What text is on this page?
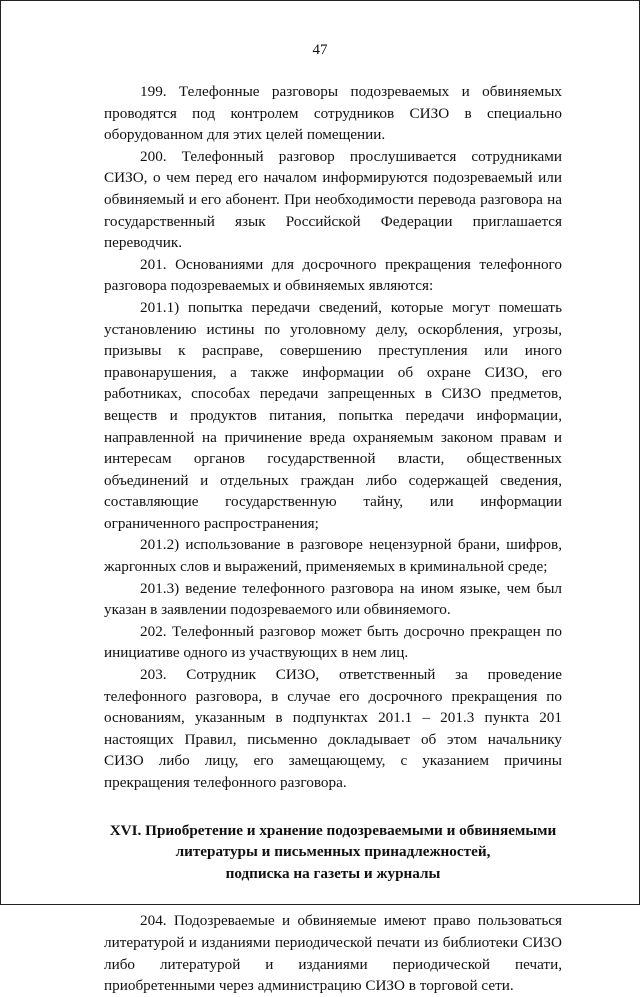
47

199. Телефонные разговоры подозреваемых и обвиняемых проводятся под контролем сотрудников СИЗО в специально оборудованном для этих целей помещении.

200. Телефонный разговор прослушивается сотрудниками СИЗО, о чем перед его началом информируются подозреваемый или обвиняемый и его абонент. При необходимости перевода разговора на государственный язык Российской Федерации приглашается переводчик.

201. Основаниями для досрочного прекращения телефонного разговора подозреваемых и обвиняемых являются:

201.1) попытка передачи сведений, которые могут помешать установлению истины по уголовному делу, оскорбления, угрозы, призывы к расправе, совершению преступления или иного правонарушения, а также информации об охране СИЗО, его работниках, способах передачи запрещенных в СИЗО предметов, веществ и продуктов питания, попытка передачи информации, направленной на причинение вреда охраняемым законом правам и интересам органов государственной власти, общественных объединений и отдельных граждан либо содержащей сведения, составляющие государственную тайну, или информации ограниченного распространения;

201.2) использование в разговоре нецензурной брани, шифров, жаргонных слов и выражений, применяемых в криминальной среде;

201.3) ведение телефонного разговора на ином языке, чем был указан в заявлении подозреваемого или обвиняемого.

202. Телефонный разговор может быть досрочно прекращен по инициативе одного из участвующих в нем лиц.

203. Сотрудник СИЗО, ответственный за проведение телефонного разговора, в случае его досрочного прекращения по основаниям, указанным в подпунктах 201.1 – 201.3 пункта 201 настоящих Правил, письменно докладывает об этом начальнику СИЗО либо лицу, его замещающему, с указанием причины прекращения телефонного разговора.

XVI. Приобретение и хранение подозреваемыми и обвиняемыми
литературы и письменных принадлежностей,
подписка на газеты и журналы

204. Подозреваемые и обвиняемые имеют право пользоваться литературой и изданиями периодической печати из библиотеки СИЗО либо литературой и изданиями периодической печати, приобретенными через администрацию СИЗО в торговой сети.
